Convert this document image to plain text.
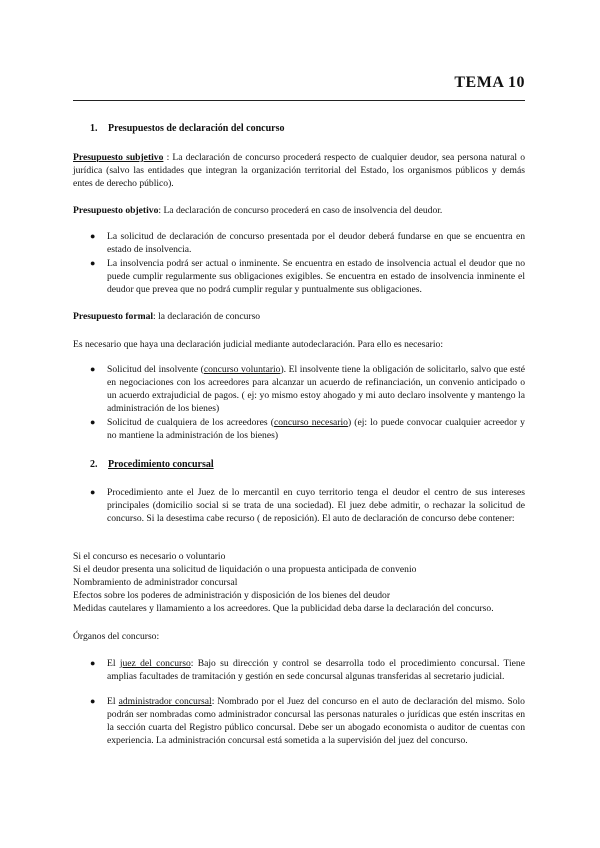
TEMA 10
1. Presupuestos de declaración del concurso
Presupuesto subjetivo : La declaración de concurso procederá respecto de cualquier deudor, sea persona natural o jurídica (salvo las entidades que integran la organización territorial del Estado, los organismos públicos y demás entes de derecho público).
Presupuesto objetivo: La declaración de concurso procederá en caso de insolvencia del deudor.
● La solicitud de declaración de concurso presentada por el deudor deberá fundarse en que se encuentra en estado de insolvencia.
● La insolvencia podrá ser actual o inminente. Se encuentra en estado de insolvencia actual el deudor que no puede cumplir regularmente sus obligaciones exigibles. Se encuentra en estado de insolvencia inminente el deudor que prevea que no podrá cumplir regular y puntualmente sus obligaciones.
Presupuesto formal: la declaración de concurso
Es necesario que haya una declaración judicial mediante autodeclaración. Para ello es necesario:
● Solicitud del insolvente (concurso voluntario). El insolvente tiene la obligación de solicitarlo, salvo que esté en negociaciones con los acreedores para alcanzar un acuerdo de refinanciación, un convenio anticipado o un acuerdo extrajudicial de pagos. ( ej: yo mismo estoy ahogado y mi auto declaro insolvente y mantengo la administración de los bienes)
● Solicitud de cualquiera de los acreedores (concurso necesario) (ej: lo puede convocar cualquier acreedor y no mantiene la administración de los bienes)
2. Procedimiento concursal
● Procedimiento ante el Juez de lo mercantil en cuyo territorio tenga el deudor el centro de sus intereses principales (domicilio social si se trata de una sociedad). El juez debe admitir, o rechazar la solicitud de concurso. Si la desestima cabe recurso ( de reposición). El auto de declaración de concurso debe contener:
Si el concurso es necesario o voluntario
Si el deudor presenta una solicitud de liquidación o una propuesta anticipada de convenio
Nombramiento de administrador concursal
Efectos sobre los poderes de administración y disposición de los bienes del deudor
Medidas cautelares y llamamiento a los acreedores. Que la publicidad deba darse la declaración del concurso.
Órganos del concurso:
● El juez del concurso: Bajo su dirección y control se desarrolla todo el procedimiento concursal. Tiene amplias facultades de tramitación y gestión en sede concursal algunas transferidas al secretario judicial.
● El administrador concursal: Nombrado por el Juez del concurso en el auto de declaración del mismo. Solo podrán ser nombradas como administrador concursal las personas naturales o jurídicas que estén inscritas en la sección cuarta del Registro público concursal. Debe ser un abogado economista o auditor de cuentas con experiencia. La administración concursal está sometida a la supervisión del juez del concurso.
